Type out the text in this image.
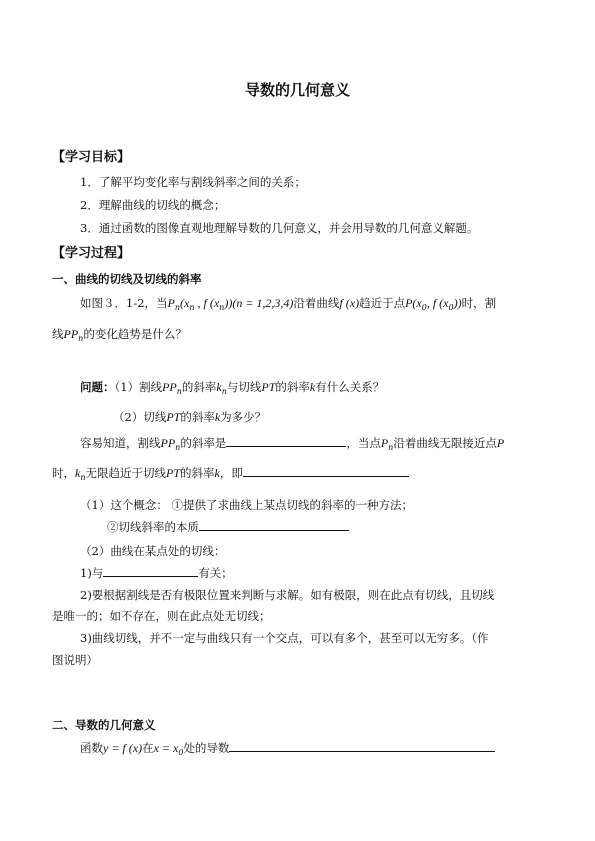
导数的几何意义
【学习目标】
1．了解平均变化率与割线斜率之间的关系；
2．理解曲线的切线的概念；
3．通过函数的图像直观地理解导数的几何意义，并会用导数的几何意义解题。
【学习过程】
一、曲线的切线及切线的斜率
如图３．1-2，当$P_n(x_n$ , f $(x_n))(n = 1,2,3,4)$沿着曲线f (x)趋近于点$P(x_0$, f $(x_0)$)时，割
线$PP_n$的变化趋势是什么？
问题：（1）割线$PP_n$的斜率$k_n$与切线PT的斜率k有什么关系？
（2）切线PT的斜率k为多少？
容易知道，割线$PP_n$的斜率是	，当点$P_n$沿着曲线无限接近点P
时，$k_n$无限趋近于切线PT的斜率k，即
（1）这个概念： ①提供了求曲线上某点切线的斜率的一种方法；
②切线斜率的本质
（2）曲线在某点处的切线：
1)与	有关；
2)要根据割线是否有极限位置来判断与求解。如有极限，则在此点有切线，且切线
是唯一的；如不存在，则在此点处无切线；
3)曲线切线，并不一定与曲线只有一个交点，可以有多个，甚至可以无穷多。（作
图说明）
二、导数的几何意义
函数y = f (x)在$x = x_0$处的导数
